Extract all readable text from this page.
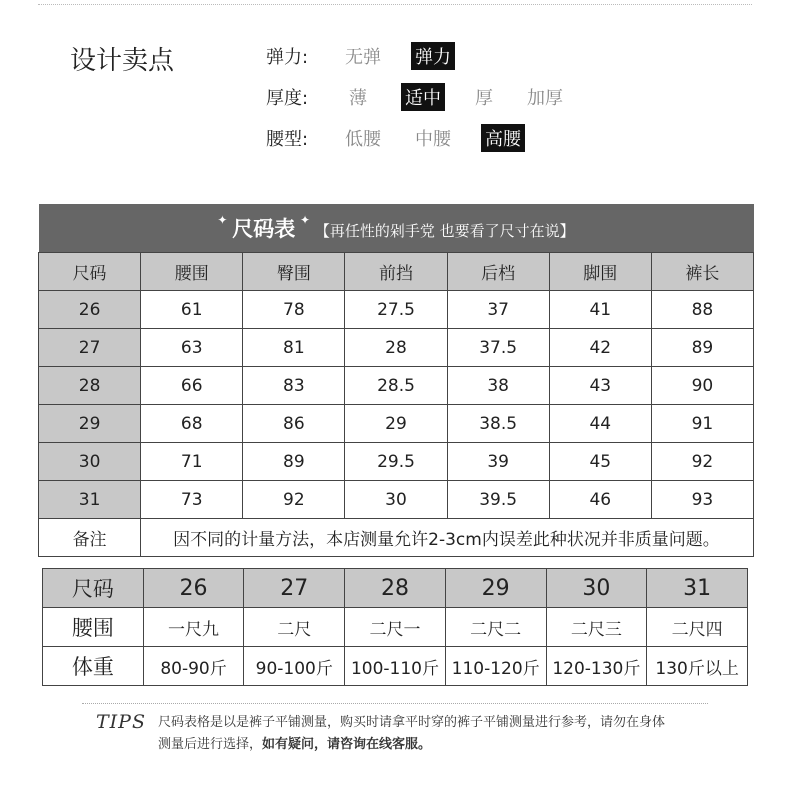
设计卖点	弹力:	无弹 弹力
厚度:	薄 适中 厚 加厚
腰型:	低腰 中腰 高腰
✦ 尺码表 ✦ 【再任性的剁手党 也要看了尺寸在说】						
尺码	腰围	臀围	前挡	后档	脚围	裤长
26	61	78	27.5	37	41	88
27	63	81	28	37.5	42	89
28	66	83	28.5	38	43	90
29	68	86	29	38.5	44	91
30	71	89	29.5	39	45	92
31	73	92	30	39.5	46	93
备注	因不同的计量方法，本店测量允许2-3cm内误差此种状况并非质量问题。					
尺码	26	27	28	29	30	31
腰围	一尺九	二尺	二尺一	二尺二	二尺三	二尺四
体重	80-90斤	90-100斤	100-110斤	110-120斤	120-130斤	130斤以上
TIPS 尺码表格是以是裤子平铺测量，购买时请拿平时穿的裤子平铺测量进行参考，请勿在身体
测量后进行选择，如有疑问，请咨询在线客服。
